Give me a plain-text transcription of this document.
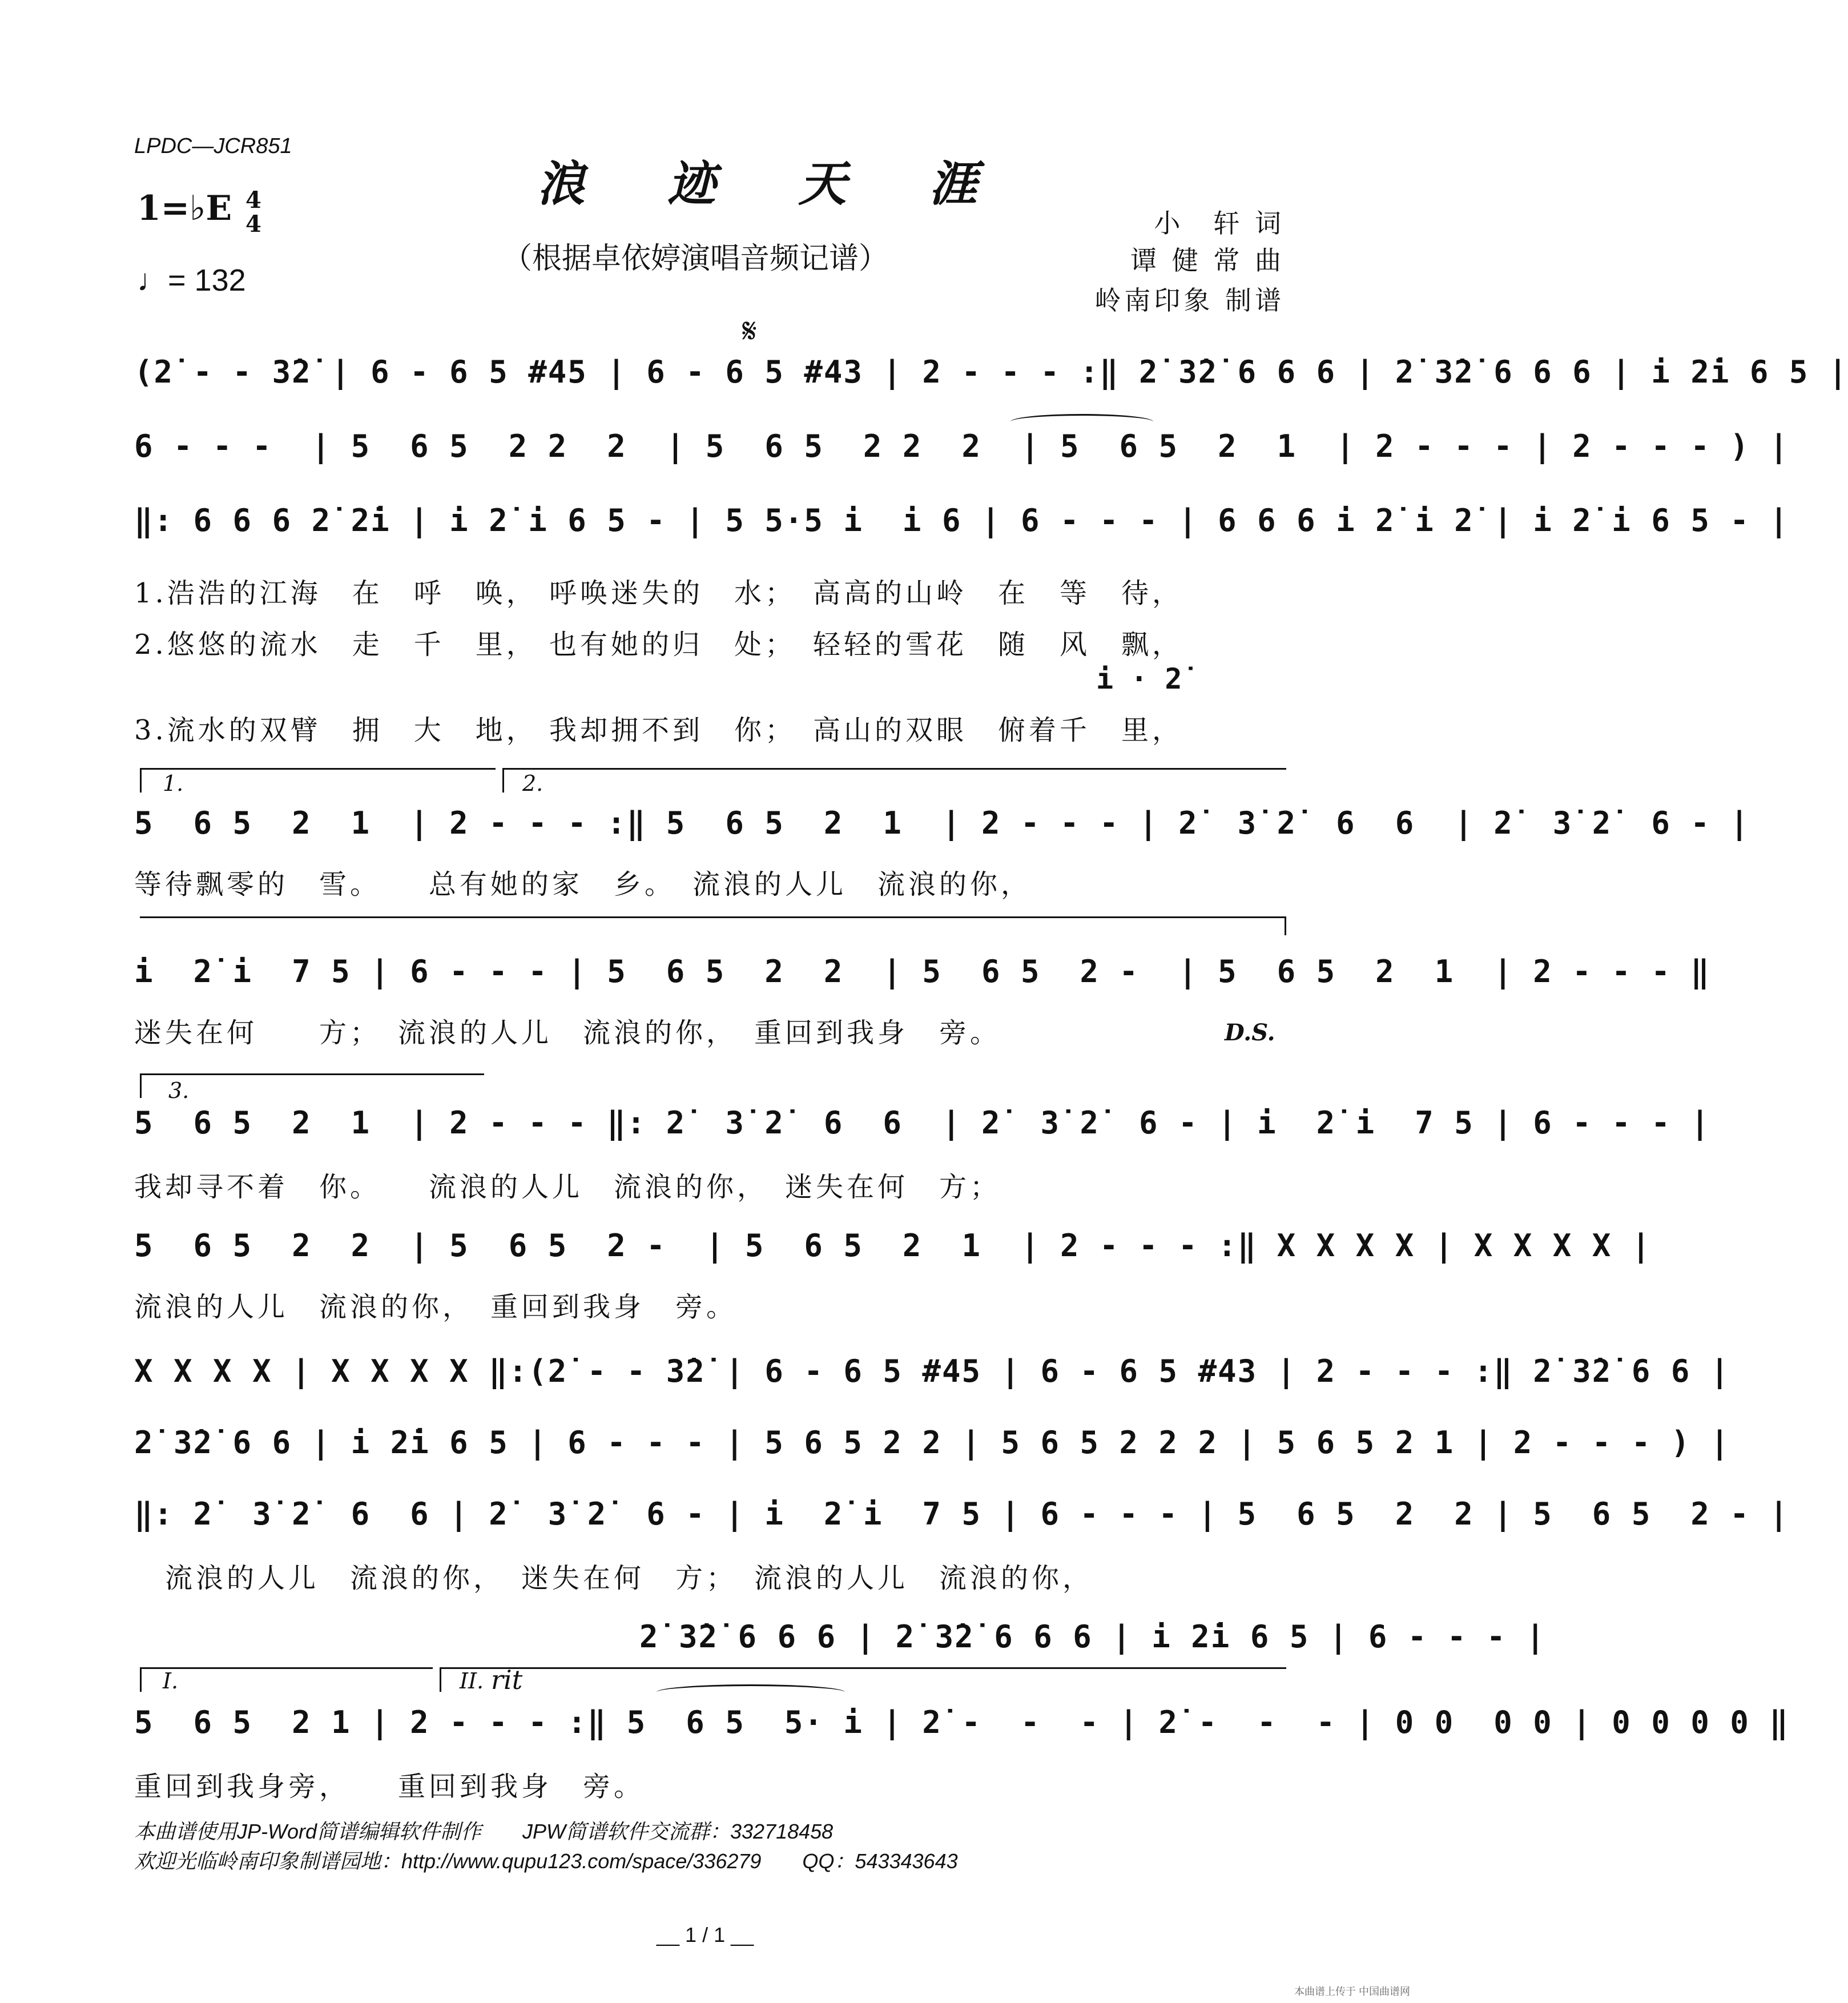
LPDC—JCR851
浪 迹 天 涯
（根据卓依婷演唱音频记谱）
1=♭E 4
4
♩= 132
小　轩 词
谭 健 常 曲
岭南印象 制谱
𝄋
(2̇ - - 3̇2̇ | 6 - 6 5 #45 | 6 - 6 5 #43 | 2 - - - :‖ 2̇ 3̇2̇ 6 6 6 | 2̇ 3̇2̇ 6 6 6 | i 2̇i 6 5 |
6 - - -  | 5  6 5  2 2  2  | 5  6 5  2 2  2  | 5  6 5  2  1  | 2 - - - | 2 - - - ) |
‖: 6 6 6 2̇ 2̇i | i 2̇ i 6 5 - | 5 5·5 i  i 6 | 6 - - - | 6 6 6 i 2̇ i 2̇ | i 2̇ i 6 5 - |
1.浩浩的江海　在　呼　唤， 呼唤迷失的　水；　高高的山岭　在　等　待，
2.悠悠的流水　走　千　里， 也有她的归　处；　轻轻的雪花　随　风　飘，
i · 2̇
3.流水的双臂　拥　大　地， 我却拥不到　你；　高山的双眼　俯着千　里，
1.	2.
5  6 5  2  1  | 2 - - - :‖ 5  6 5  2  1  | 2 - - - | 2̇  3̇ 2̇  6  6  | 2̇  3̇ 2̇  6 - |
等待飘零的　雪。　　总有她的家　乡。　流浪的人儿　流浪的你，
i  2̇ i  7 5 | 6 - - - | 5  6 5  2  2  | 5  6 5  2 -  | 5  6 5  2  1  | 2 - - - ‖
迷失在何　　方；　流浪的人儿　流浪的你，　重回到我身　旁。	D.S.
3.
5  6 5  2  1  | 2 - - - ‖: 2̇  3̇ 2̇  6  6  | 2̇  3̇ 2̇  6 - | i  2̇ i  7 5 | 6 - - - |
我却寻不着　你。　　流浪的人儿　流浪的你，　迷失在何　方；
5  6 5  2  2  | 5  6 5  2 -  | 5  6 5  2  1  | 2 - - - :‖ X X X X | X X X X |
流浪的人儿　流浪的你，　重回到我身　旁。
X X X X | X X X X ‖:(2̇ - - 3̇2̇ | 6 - 6 5 #45 | 6 - 6 5 #43 | 2 - - - :‖ 2̇ 3̇2̇ 6 6 |
2̇ 3̇2̇ 6 6 | i 2̇i 6 5 | 6 - - - | 5 6 5 2 2 | 5 6 5 2 2 2 | 5 6 5 2 1 | 2 - - - ) |
‖: 2̇  3̇ 2̇  6  6 | 2̇  3̇ 2̇  6 - | i  2̇ i  7 5 | 6 - - - | 5  6 5  2  2 | 5  6 5  2 - |
　流浪的人儿　流浪的你，　迷失在何　方；　流浪的人儿　流浪的你，
2̇ 3̇2̇ 6 6 6 | 2̇ 3̇2̇ 6 6 6 | i 2̇i 6 5 | 6 - - - |
I.	II. rit
5  6 5  2 1 | 2 - - - :‖ 5  6 5  5· i | 2̇ -  -  - | 2̇ -  -  - | 0 0  0 0 | 0 0 0 0 ‖
重回到我身旁，　　重回到我身　旁。
本曲谱使用JP-Word简谱编辑软件制作　　JPW简谱软件交流群：332718458
欢迎光临岭南印象制谱园地：http://www.qupu123.com/space/336279　　QQ：543343643
__ 1 / 1 __
本曲谱上传于 中国曲谱网
